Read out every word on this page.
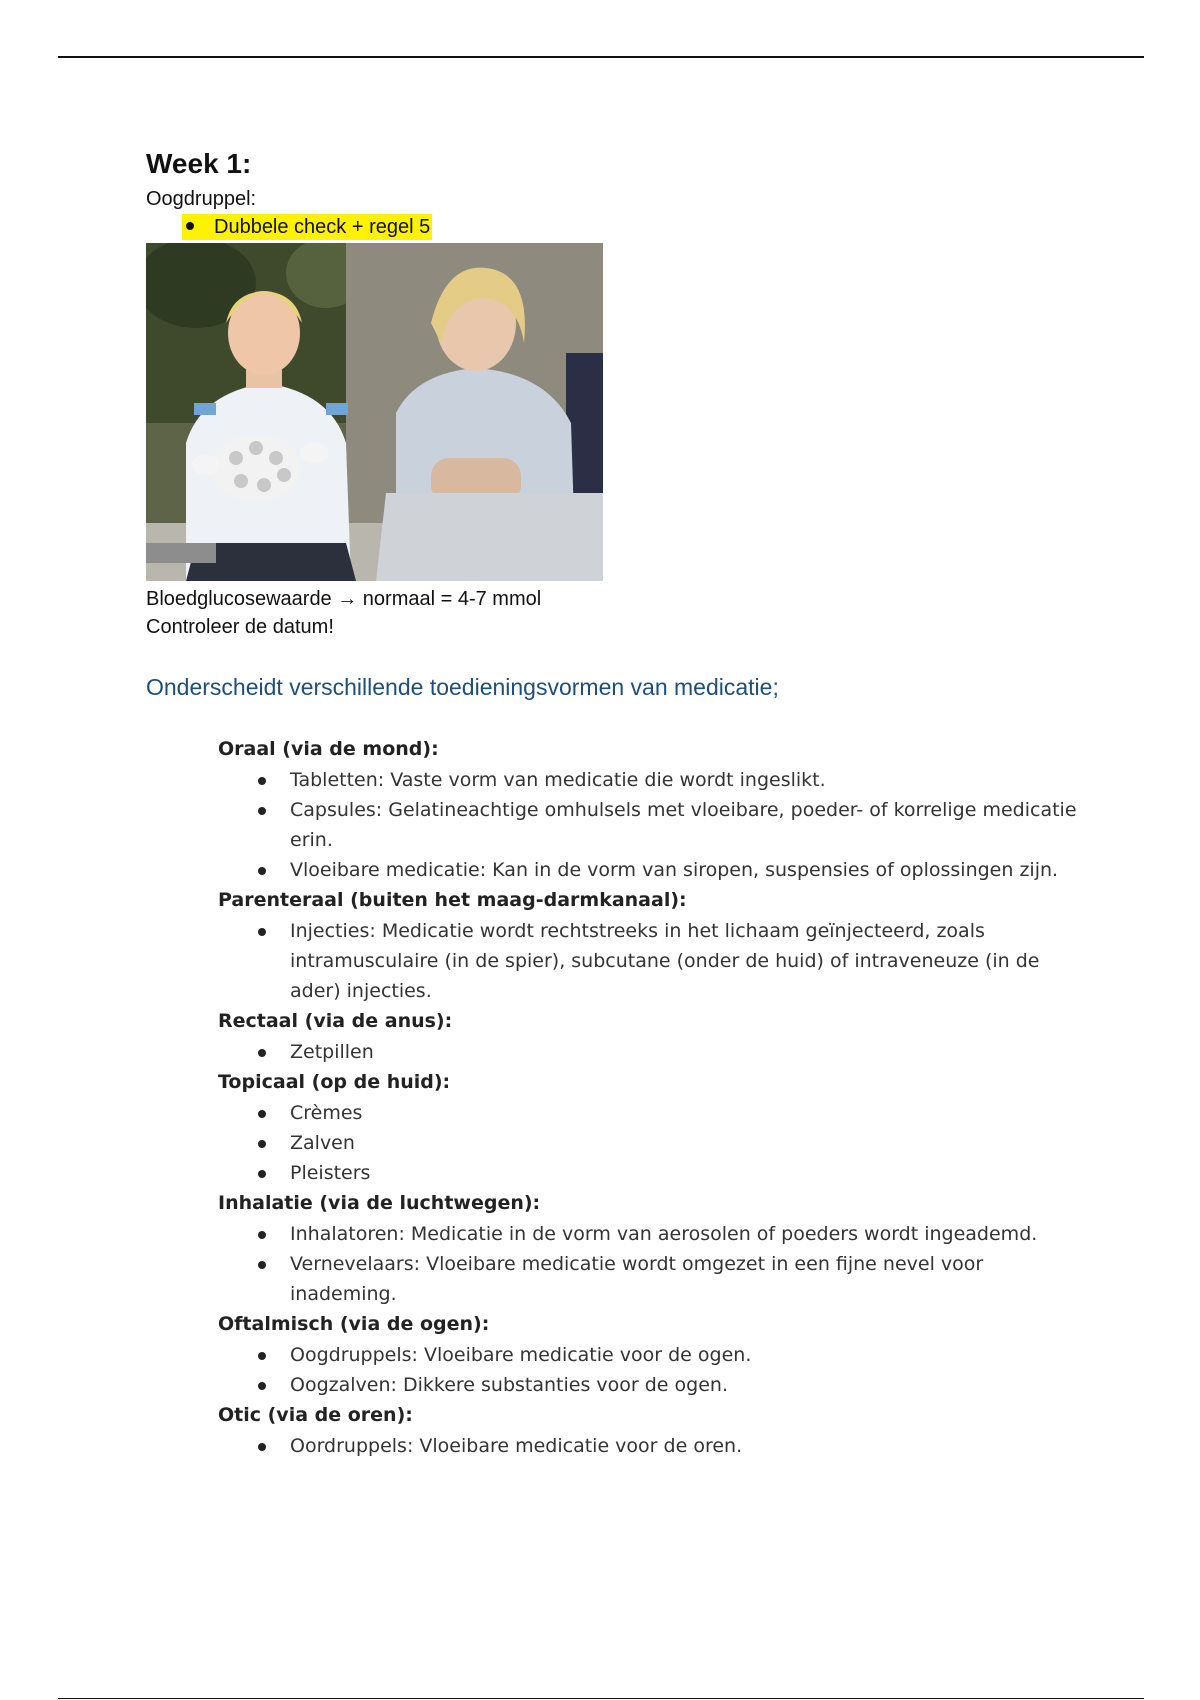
Week 1:
Oogdruppel:
Dubbele check + regel 5
Bloedglucosewaarde → normaal = 4-7 mmol
Controleer de datum!
Onderscheidt verschillende toedieningsvormen van medicatie;
Oraal (via de mond):
Tabletten: Vaste vorm van medicatie die wordt ingeslikt.
Capsules: Gelatineachtige omhulsels met vloeibare, poeder- of korrelige medicatie erin.
Vloeibare medicatie: Kan in de vorm van siropen, suspensies of oplossingen zijn.
Parenteraal (buiten het maag-darmkanaal):
Injecties: Medicatie wordt rechtstreeks in het lichaam geïnjecteerd, zoals intramusculaire (in de spier), subcutane (onder de huid) of intraveneuze (in de ader) injecties.
Rectaal (via de anus):
Zetpillen
Topicaal (op de huid):
Crèmes
Zalven
Pleisters
Inhalatie (via de luchtwegen):
Inhalatoren: Medicatie in de vorm van aerosolen of poeders wordt ingeademd.
Vernevelaars: Vloeibare medicatie wordt omgezet in een fijne nevel voor inademing.
Oftalmisch (via de ogen):
Oogdruppels: Vloeibare medicatie voor de ogen.
Oogzalven: Dikkere substanties voor de ogen.
Otic (via de oren):
Oordruppels: Vloeibare medicatie voor de oren.
